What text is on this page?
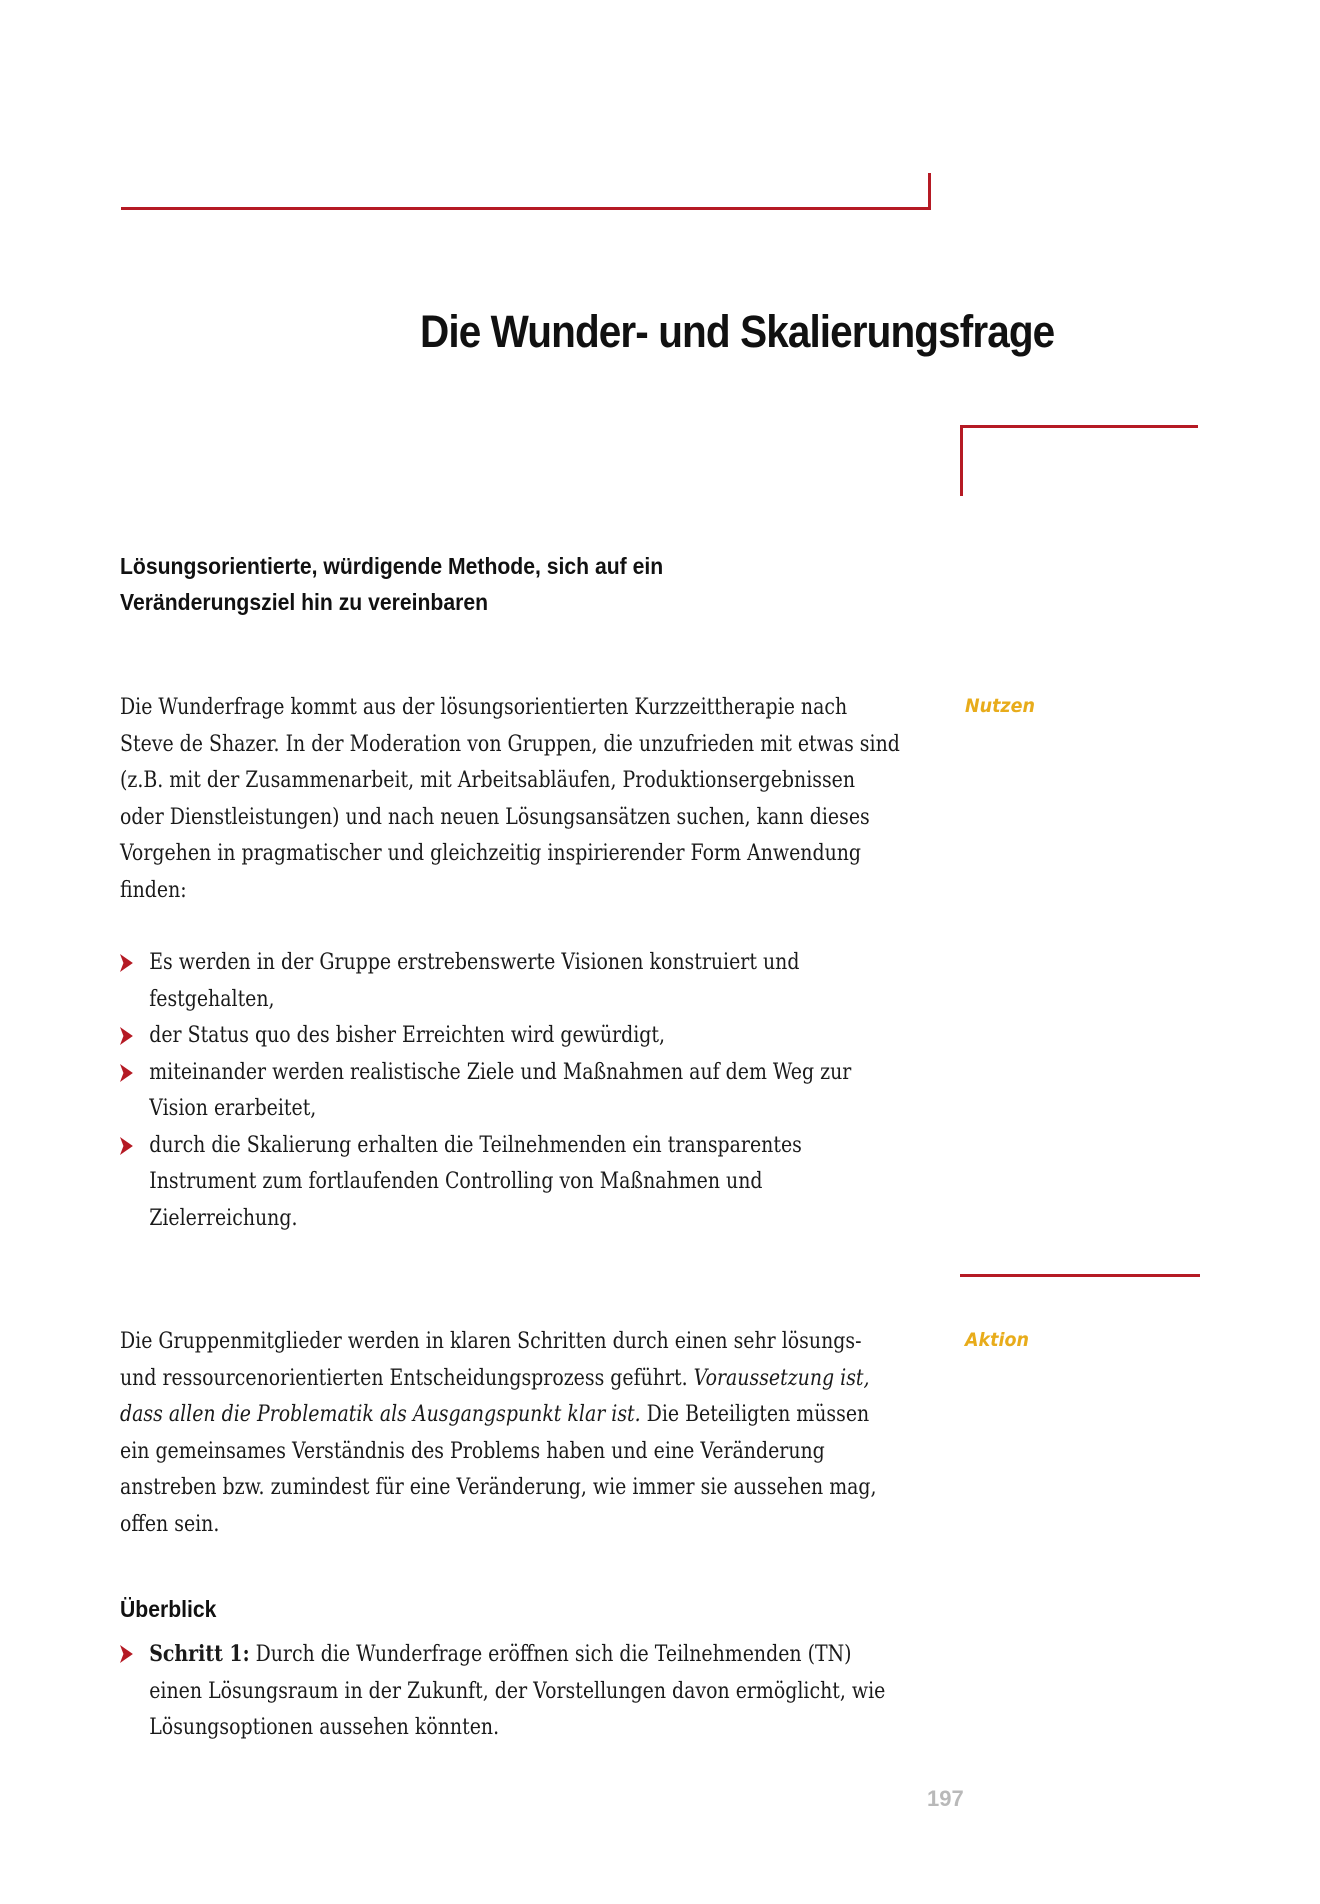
Die Wunder- und Skalierungsfrage
Lösungsorientierte, würdigende Methode, sich auf ein Veränderungsziel hin zu vereinbaren
Nutzen

Die Wunderfrage kommt aus der lösungsorientierten Kurzzeittherapie nach Steve de Shazer. In der Moderation von Gruppen, die unzufrieden mit etwas sind (z.B. mit der Zusammenarbeit, mit Arbeitsabläufen, Produktionsergebnissen oder Dienstleistungen) und nach neuen Lösungsansätzen suchen, kann dieses Vorgehen in pragmatischer und gleichzeitig inspirierender Form Anwendung finden:

Es werden in der Gruppe erstrebenswerte Visionen konstruiert und festgehalten,
der Status quo des bisher Erreichten wird gewürdigt,
miteinander werden realistische Ziele und Maßnahmen auf dem Weg zur Vision erarbeitet,
durch die Skalierung erhalten die Teilnehmenden ein transparentes Instrument zum fortlaufenden Controlling von Maßnahmen und Zielerreichung.
Aktion

Die Gruppenmitglieder werden in klaren Schritten durch einen sehr lösungs- und ressourcenorientierten Entscheidungsprozess geführt. Voraussetzung ist, dass allen die Problematik als Ausgangspunkt klar ist. Die Beteiligten müssen ein gemeinsames Verständnis des Problems haben und eine Veränderung anstreben bzw. zumindest für eine Veränderung, wie immer sie aussehen mag, offen sein.

Überblick
Schritt 1: Durch die Wunderfrage eröffnen sich die Teilnehmenden (TN) einen Lösungsraum in der Zukunft, der Vorstellungen davon ermöglicht, wie Lösungsoptionen aussehen könnten.
197
